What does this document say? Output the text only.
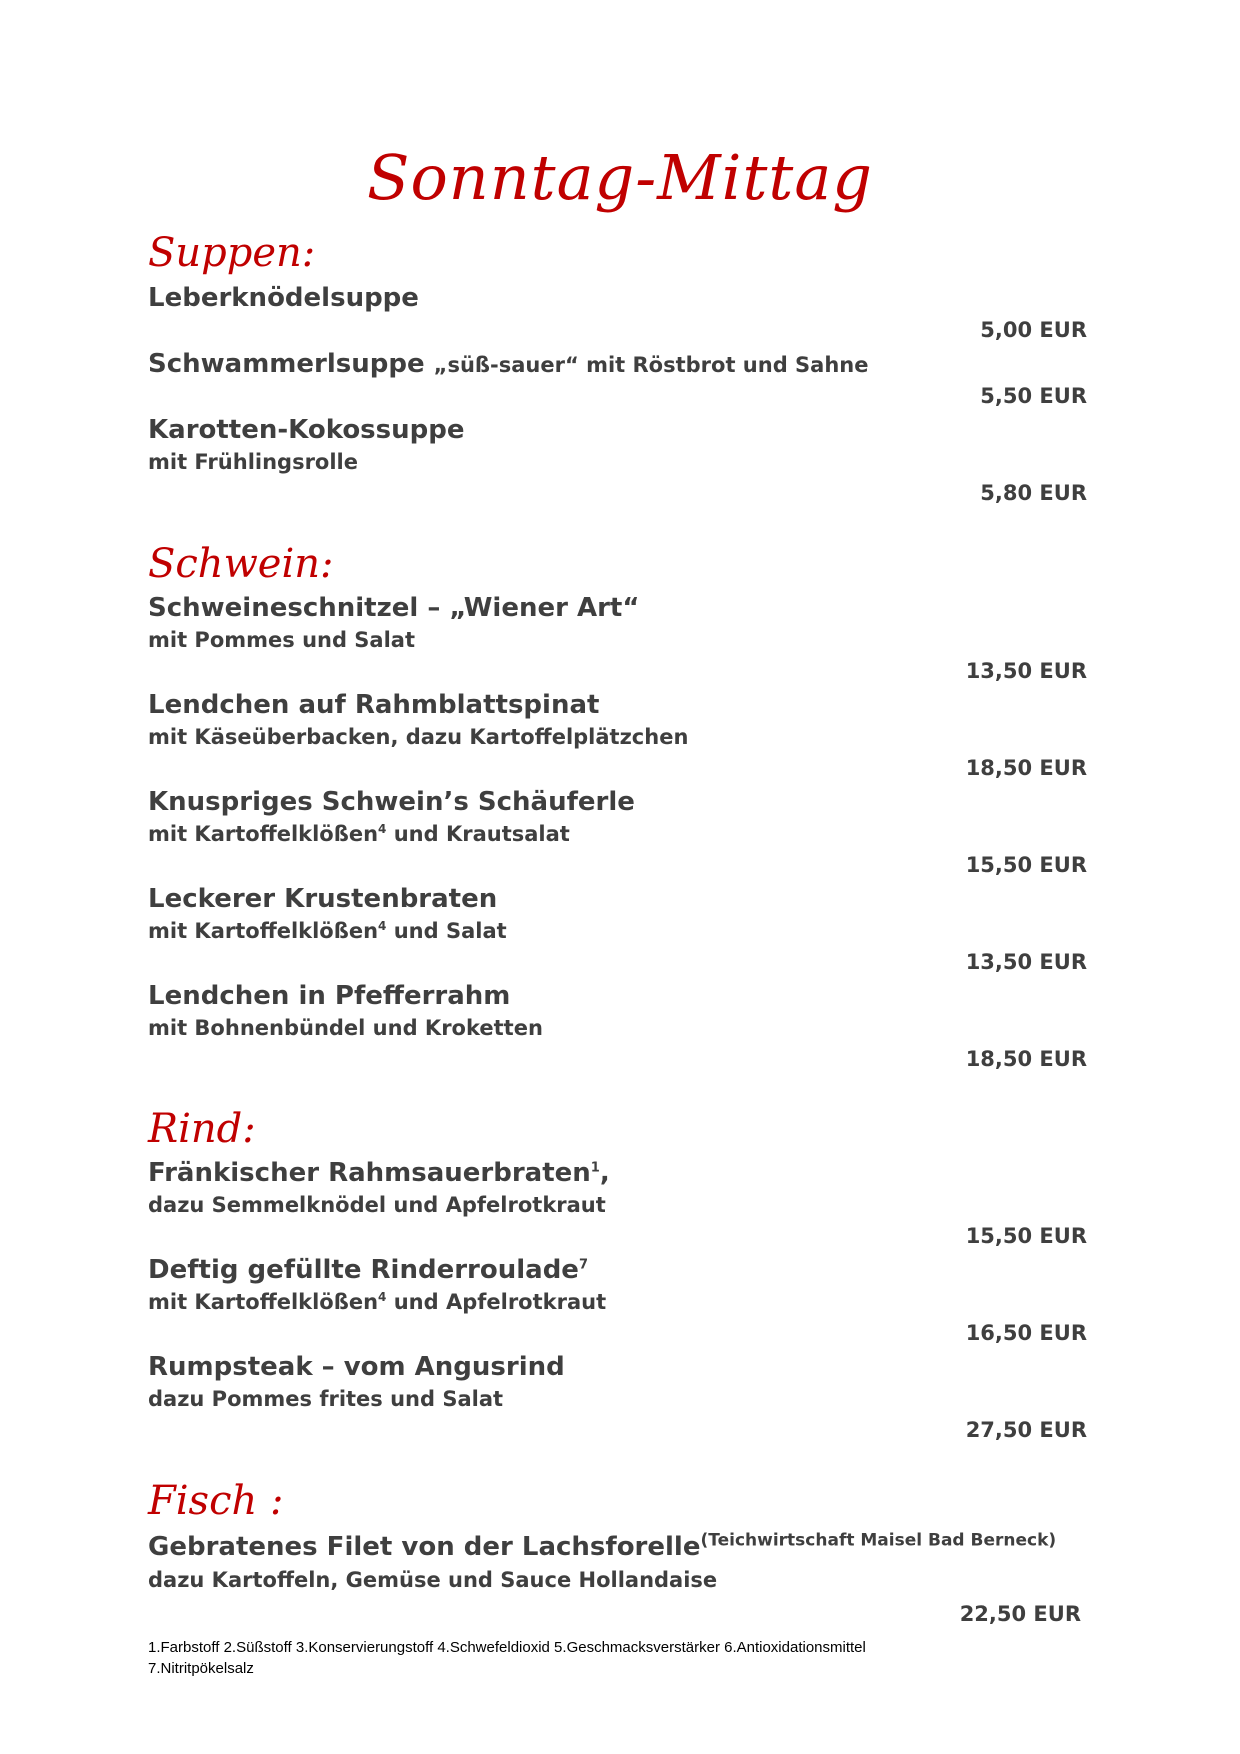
Sonntag-Mittag
Suppen:
Leberknödelsuppe
5,00 EUR
Schwammerlsuppe „süß-sauer“ mit Röstbrot und Sahne
5,50 EUR
Karotten-Kokossuppe
mit Frühlingsrolle
5,80 EUR
Schwein:
Schweineschnitzel – „Wiener Art“
mit Pommes und Salat
13,50 EUR
Lendchen auf Rahmblattspinat
mit Käseüberbacken, dazu Kartoffelplätzchen
18,50 EUR
Knuspriges Schwein’s Schäuferle
mit Kartoffelklößen$^4$ und Krautsalat
15,50 EUR
Leckerer Krustenbraten
mit Kartoffelklößen$^4$ und Salat
13,50 EUR
Lendchen in Pfefferrahm
mit Bohnenbündel und Kroketten
18,50 EUR
Rind:
Fränkischer Rahmsauerbraten$^1$,
dazu Semmelknödel und Apfelrotkraut
15,50 EUR
Deftig gefüllte Rinderroulade$^7$
mit Kartoffelklößen$^4$ und Apfelrotkraut
16,50 EUR
Rumpsteak – vom Angusrind
dazu Pommes frites und Salat
27,50 EUR
Fisch :
Gebratenes Filet von der Lachsforelle$^{(Teichwirtschaft Maisel Bad Berneck)}$
dazu Kartoffeln, Gemüse und Sauce Hollandaise
22,50 EUR
1.Farbstoff 2.Süßstoff 3.Konservierungstoff 4.Schwefeldioxid 5.Geschmacksverstärker 6.Antioxidationsmittel
7.Nitritpökelsalz
